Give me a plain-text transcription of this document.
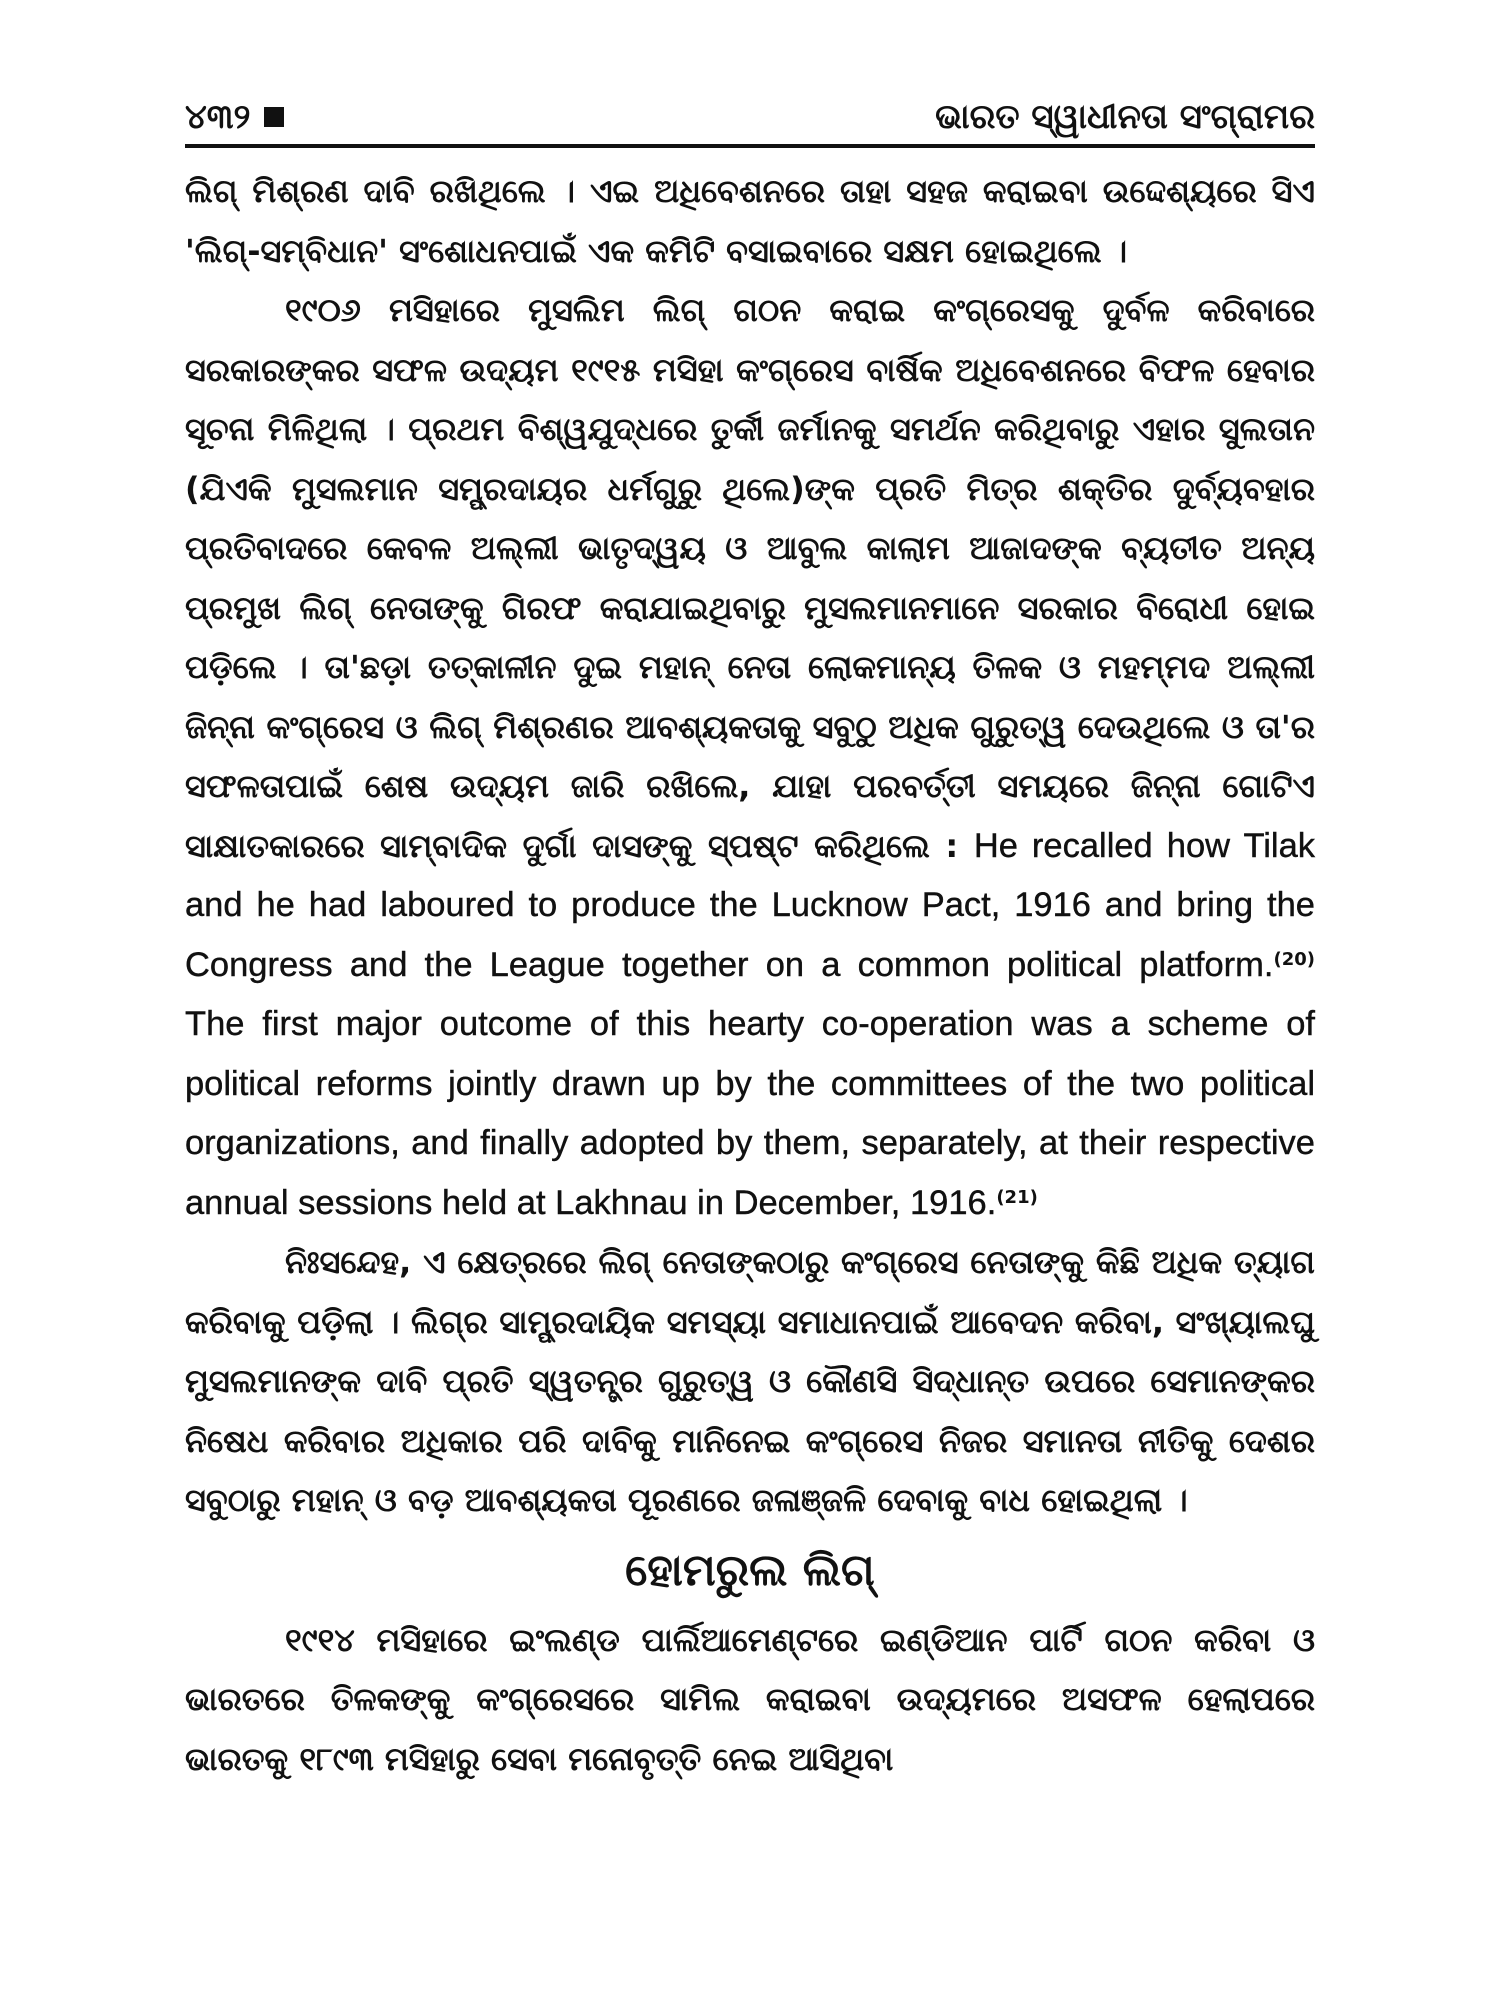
୪୩୨	ଭାରତ ସ୍ୱାଧୀନତା ସଂଗ୍ରାମର

ଲିଗ୍ ମିଶ୍ରଣ ଦାବି ରଖିଥିଲେ । ଏଇ ଅଧିବେଶନରେ ତାହା ସହଜ କରାଇବା ଉଦ୍ଦେଶ୍ୟରେ ସିଏ 'ଲିଗ୍-ସମ୍ବିଧାନ' ସଂଶୋଧନପାଇଁ ଏକ କମିଟି ବସାଇବାରେ ସକ୍ଷମ ହୋଇଥିଲେ ।

୧୯୦୬ ମସିହାରେ ମୁସଲିମ ଲିଗ୍ ଗଠନ କରାଇ କଂଗ୍ରେସକୁ ଦୁର୍ବଳ କରିବାରେ ସରକାରଙ୍କର ସଫଳ ଉଦ୍ୟମ ୧୯୧୫ ମସିହା କଂଗ୍ରେସ ବାର୍ଷିକ ଅଧିବେଶନରେ ବିଫଳ ହେବାର ସୂଚନା ମିଳିଥିଲା । ପ୍ରଥମ ବିଶ୍ୱଯୁଦ୍ଧରେ ତୁର୍କୀ ଜର୍ମାନକୁ ସମର୍ଥନ କରିଥିବାରୁ ଏହାର ସୁଲତାନ (ଯିଏକି ମୁସଲମାନ ସମ୍ପ୍ରଦାୟର ଧର୍ମଗୁରୁ ଥିଲେ)ଙ୍କ ପ୍ରତି ମିତ୍ର ଶକ୍ତିର ଦୁର୍ବ୍ୟବହାର ପ୍ରତିବାଦରେ କେବଳ ଅଲ୍ଲୀ ଭାତୃଦ୍ୱୟ ଓ ଆବୁଲ କାଲାମ ଆଜାଦଙ୍କ ବ୍ୟତୀତ ଅନ୍ୟ ପ୍ରମୁଖ ଲିଗ୍ ନେତାଙ୍କୁ ଗିରଫ କରାଯାଇଥିବାରୁ ମୁସଲମାନମାନେ ସରକାର ବିରୋଧୀ ହୋଇ ପଡ଼ିଲେ । ତା'ଛଡ଼ା ତତ୍କାଳୀନ ଦୁଇ ମହାନ୍ ନେତା ଲୋକମାନ୍ୟ ତିଳକ ଓ ମହମ୍ମଦ ଅଲ୍ଲୀ ଜିନ୍ନା କଂଗ୍ରେସ ଓ ଲିଗ୍ ମିଶ୍ରଣର ଆବଶ୍ୟକତାକୁ ସବୁଠୁ ଅଧିକ ଗୁରୁତ୍ୱ ଦେଉଥିଲେ ଓ ତା'ର ସଫଳତାପାଇଁ ଶେଷ ଉଦ୍ୟମ ଜାରି ରଖିଲେ, ଯାହା ପରବର୍ତ୍ତୀ ସମୟରେ ଜିନ୍ନା ଗୋଟିଏ ସାକ୍ଷାତକାରରେ ସାମ୍ବାଦିକ ଦୁର୍ଗା ଦାସଙ୍କୁ ସ୍ପଷ୍ଟ କରିଥିଲେ : He recalled how Tilak and he had laboured to produce the Lucknow Pact, 1916 and bring the Congress and the League together on a common political platform.$^{(20)}$ The first major outcome of this hearty co-operation was a scheme of political reforms jointly drawn up by the committees of the two political organizations, and finally adopted by them, separately, at their respective annual sessions held at Lakhnau in December, 1916.$^{(21)}$

ନିଃସନ୍ଦେହ, ଏ କ୍ଷେତ୍ରରେ ଲିଗ୍ ନେତାଙ୍କଠାରୁ କଂଗ୍ରେସ ନେତାଙ୍କୁ କିଛି ଅଧିକ ତ୍ୟାଗ କରିବାକୁ ପଡ଼ିଲା । ଲିଗ୍‌ର ସାମ୍ପ୍ରଦାୟିକ ସମସ୍ୟା ସମାଧାନପାଇଁ ଆବେଦନ କରିବା, ସଂଖ୍ୟାଲଘୁ ମୁସଲମାନଙ୍କ ଦାବି ପ୍ରତି ସ୍ୱତନ୍ତ୍ର ଗୁରୁତ୍ୱ ଓ କୌଣସି ସିଦ୍ଧାନ୍ତ ଉପରେ ସେମାନଙ୍କର ନିଷେଧ କରିବାର ଅଧିକାର ପରି ଦାବିକୁ ମାନିନେଇ କଂଗ୍ରେସ ନିଜର ସମାନତା ନୀତିକୁ ଦେଶର ସବୁଠାରୁ ମହାନ୍ ଓ ବଡ଼ ଆବଶ୍ୟକତା ପୂରଣରେ ଜଳାଞ୍ଜଳି ଦେବାକୁ ବାଧ ହୋଇଥିଲା ।

ହୋମରୁଲ ଲିଗ୍

୧୯୧୪ ମସିହାରେ ଇଂଲଣ୍ଡ ପାର୍ଲିଆମେଣ୍ଟରେ ଇଣ୍ଡିଆନ ପାର୍ଟି ଗଠନ କରିବା ଓ ଭାରତରେ ତିଳକଙ୍କୁ କଂଗ୍ରେସରେ ସାମିଲ କରାଇବା ଉଦ୍ୟମରେ ଅସଫଳ ହେଲାପରେ ଭାରତକୁ ୧୮୯୩ ମସିହାରୁ ସେବା ମନୋବୃତ୍ତି ନେଇ ଆସିଥିବା
